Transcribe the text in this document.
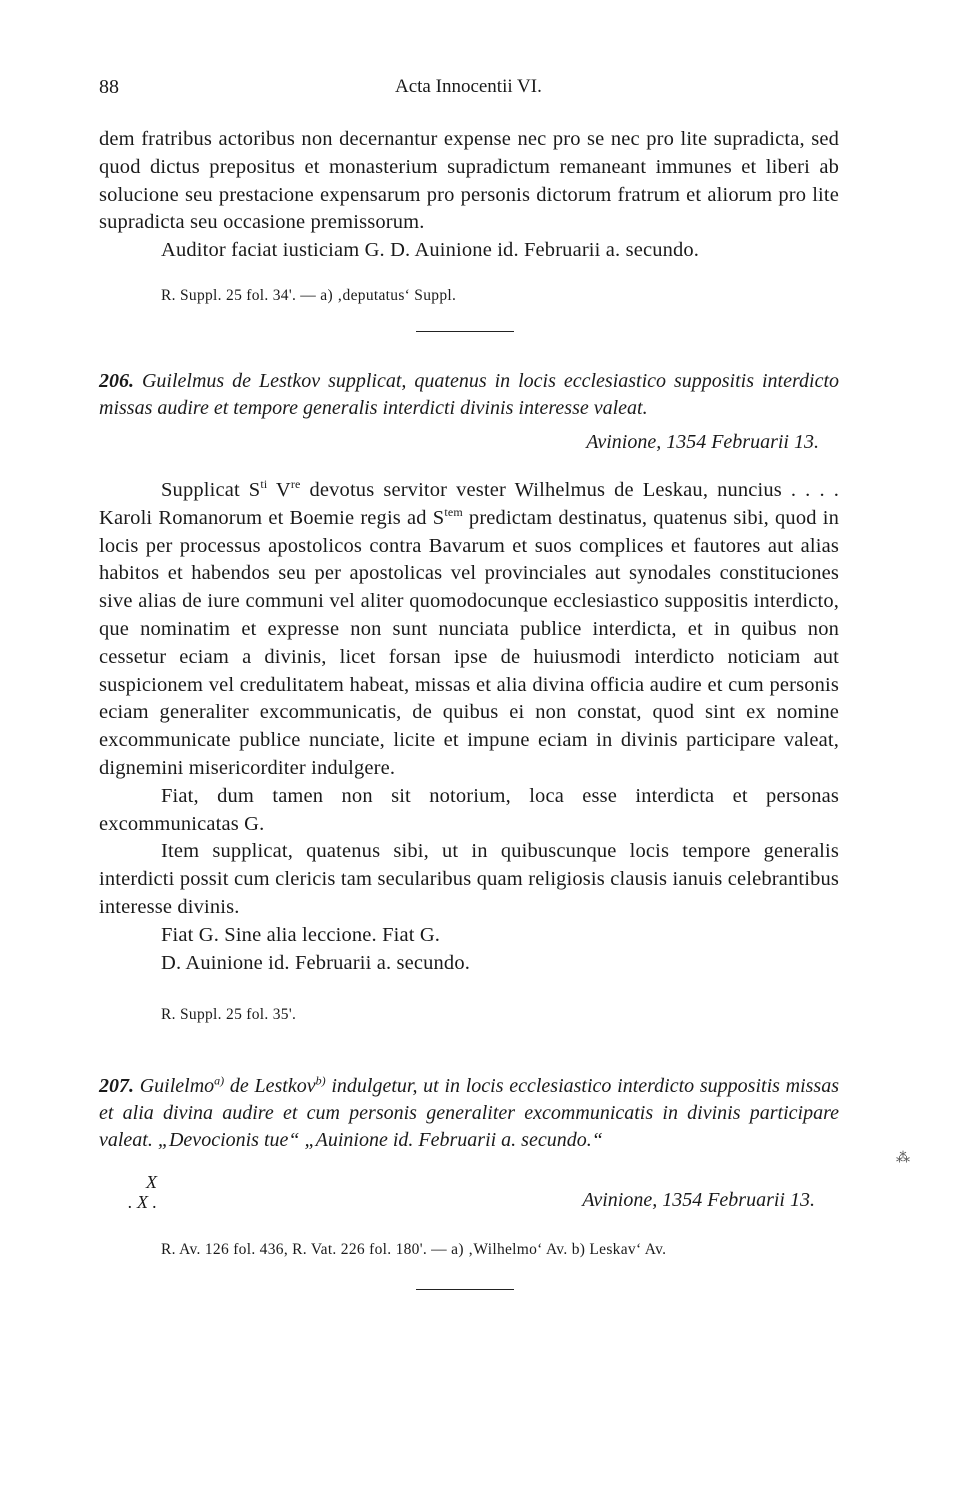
88	Acta Innocentii VI.

dem fratribus actoribus non decernantur expense nec pro se nec pro lite supradicta, sed quod dictus prepositus et monasterium supradictum remaneant immunes et liberi ab solucione seu prestacione expensarum pro personis dictorum fratrum et aliorum pro lite supradicta seu occasione premissorum.

Auditor faciat iusticiam G. D. Auinione id. Februarii a. secundo.

R. Suppl. 25 fol. 34'. — a) ‚deputatus‘ Suppl.
206. Guilelmus de Lestkov supplicat, quatenus in locis ecclesiastico suppositis interdicto missas audire et tempore generalis interdicti divinis interesse valeat.
Avinione, 1354 Februarii 13.

Supplicat $S^{ti}$ Vre devotus servitor vester Wilhelmus de Leskau, nuncius . . . . Karoli Romanorum et Boemie regis ad $S^{tem}$ predictam destinatus, quatenus sibi, quod in locis per processus apostolicos contra Bavarum et suos complices et fautores aut alias habitos et habendos seu per apostolicas vel provinciales aut synodales constituciones sive alias de iure communi vel aliter quomodocunque ecclesiastico suppositis interdicto, que nominatim et expresse non sunt nunciata publice interdicta, et in quibus non cessetur eciam a divinis, licet forsan ipse de huiusmodi interdicto noticiam aut suspicionem vel credulitatem habeat, missas et alia divina officia audire et cum personis eciam generaliter excommunicatis, de quibus ei non constat, quod sint ex nomine excommunicate publice nunciate, licite et impune eciam in divinis participare valeat, dignemini misericorditer indulgere.

Fiat, dum tamen non sit notorium, loca esse interdicta et personas excommunicatas G.

Item supplicat, quatenus sibi, ut in quibuscunque locis tempore generalis interdicti possit cum clericis tam secularibus quam religiosis clausis ianuis celebrantibus interesse divinis.

Fiat G. Sine alia leccione. Fiat G.

D. Auinione id. Februarii a. secundo.

R. Suppl. 25 fol. 35'.
207. Guilelmo$^{a)}$ de Lestkov$^{b)}$ indulgetur, ut in locis ecclesiastico interdicto suppositis missas et alia divina audire et cum personis generaliter excommunicatis in divinis participare valeat. „Devocionis tue“ „Auinione id. Februarii a. secundo.“
X
. X .	Avinione, 1354 Februarii 13.
R. Av. 126 fol. 436, R. Vat. 226 fol. 180'. — a) ‚Wilhelmo‘ Av. b) Leskav‘ Av.
⁂
